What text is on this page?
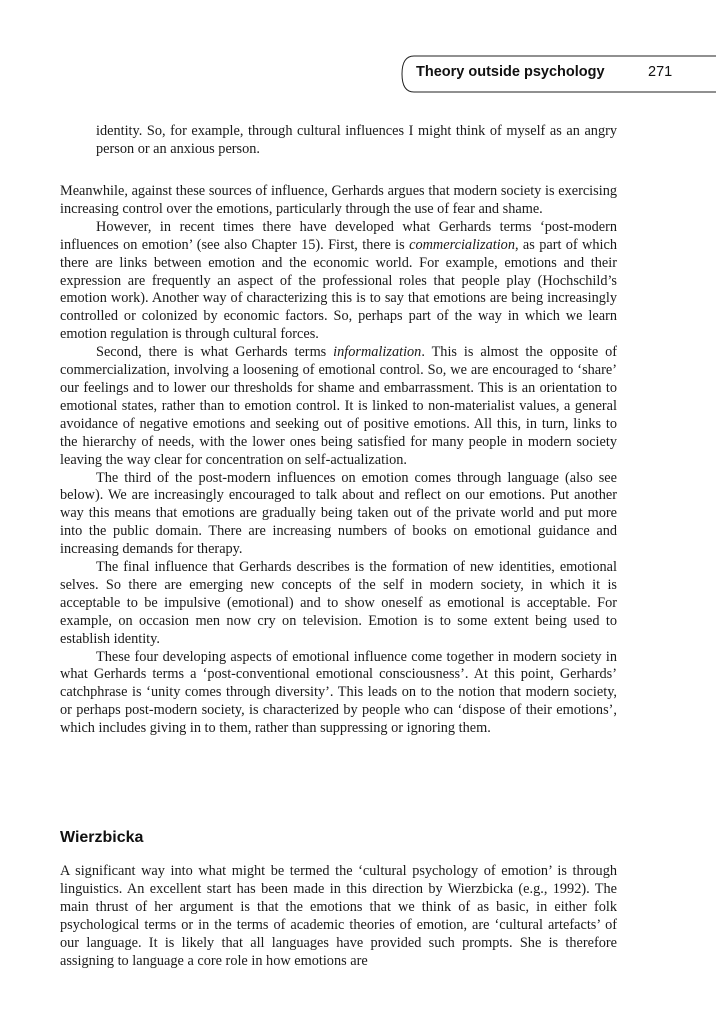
Theory outside psychology	271

identity. So, for example, through cultural influences I might think of myself as an angry person or an anxious person.

Meanwhile, against these sources of influence, Gerhards argues that modern society is exercising increasing control over the emotions, particularly through the use of fear and shame.

However, in recent times there have developed what Gerhards terms ‘post-modern influences on emotion’ (see also Chapter 15). First, there is commercialization, as part of which there are links between emotion and the economic world. For example, emotions and their expression are frequently an aspect of the professional roles that people play (Hochschild’s emotion work). Another way of characterizing this is to say that emotions are being increasingly controlled or colonized by economic factors. So, perhaps part of the way in which we learn emotion regulation is through cultural forces.

Second, there is what Gerhards terms informalization. This is almost the opposite of commercialization, involving a loosening of emotional control. So, we are encouraged to ‘share’ our feelings and to lower our thresholds for shame and embarrassment. This is an orientation to emotional states, rather than to emotion control. It is linked to non-materialist values, a general avoidance of negative emotions and seeking out of positive emotions. All this, in turn, links to the hierarchy of needs, with the lower ones being satisfied for many people in modern society leaving the way clear for concentration on self-actualization.

The third of the post-modern influences on emotion comes through language (also see below). We are increasingly encouraged to talk about and reflect on our emotions. Put another way this means that emotions are gradually being taken out of the private world and put more into the public domain. There are increasing numbers of books on emotional guidance and increasing demands for therapy.

The final influence that Gerhards describes is the formation of new identities, emotional selves. So there are emerging new concepts of the self in modern society, in which it is acceptable to be impulsive (emotional) and to show oneself as emotional is acceptable. For example, on occasion men now cry on television. Emotion is to some extent being used to establish identity.

These four developing aspects of emotional influence come together in modern society in what Gerhards terms a ‘post-conventional emotional consciousness’. At this point, Gerhards’ catchphrase is ‘unity comes through diversity’. This leads on to the notion that modern society, or perhaps post-modern society, is characterized by people who can ‘dispose of their emotions’, which includes giving in to them, rather than suppressing or ignoring them.

Wierzbicka

A significant way into what might be termed the ‘cultural psychology of emotion’ is through linguistics. An excellent start has been made in this direction by Wierzbicka (e.g., 1992). The main thrust of her argument is that the emotions that we think of as basic, in either folk psychological terms or in the terms of academic theories of emotion, are ‘cultural artefacts’ of our language. It is likely that all languages have provided such prompts. She is therefore assigning to language a core role in how emotions are
